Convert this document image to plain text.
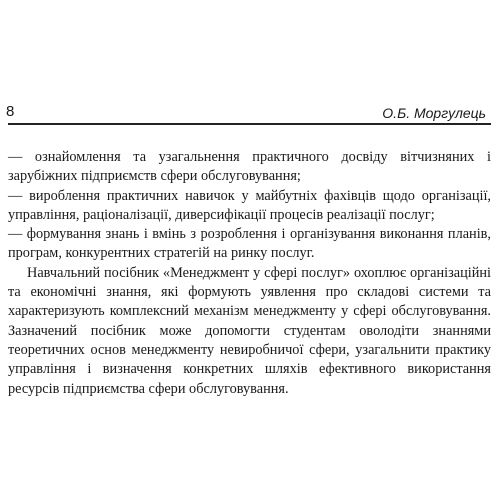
8	О.Б. Моргулець

— ознайомлення та узагальнення практичного досвіду вітчизняних і зарубіжних підприємств сфери обслуговування;

— вироблення практичних навичок у майбутніх фахівців щодо організації, управління, раціоналізації, диверсифікації процесів реалізації послуг;

— формування знань і вмінь з розроблення і організування виконання планів, програм, конкурентних стратегій на ринку послуг.

Навчальний посібник «Менеджмент у сфері послуг» охоплює організаційні та економічні знання, які формують уявлення про складові системи та характеризують комплексний механізм менеджменту у сфері обслуговування. Зазначений посібник може допомогти студентам оволодіти знаннями теоретичних основ менеджменту невиробничої сфери, узагальнити практику управління і визначення конкретних шляхів ефективного використання ресурсів підприємства сфери обслуговування.
